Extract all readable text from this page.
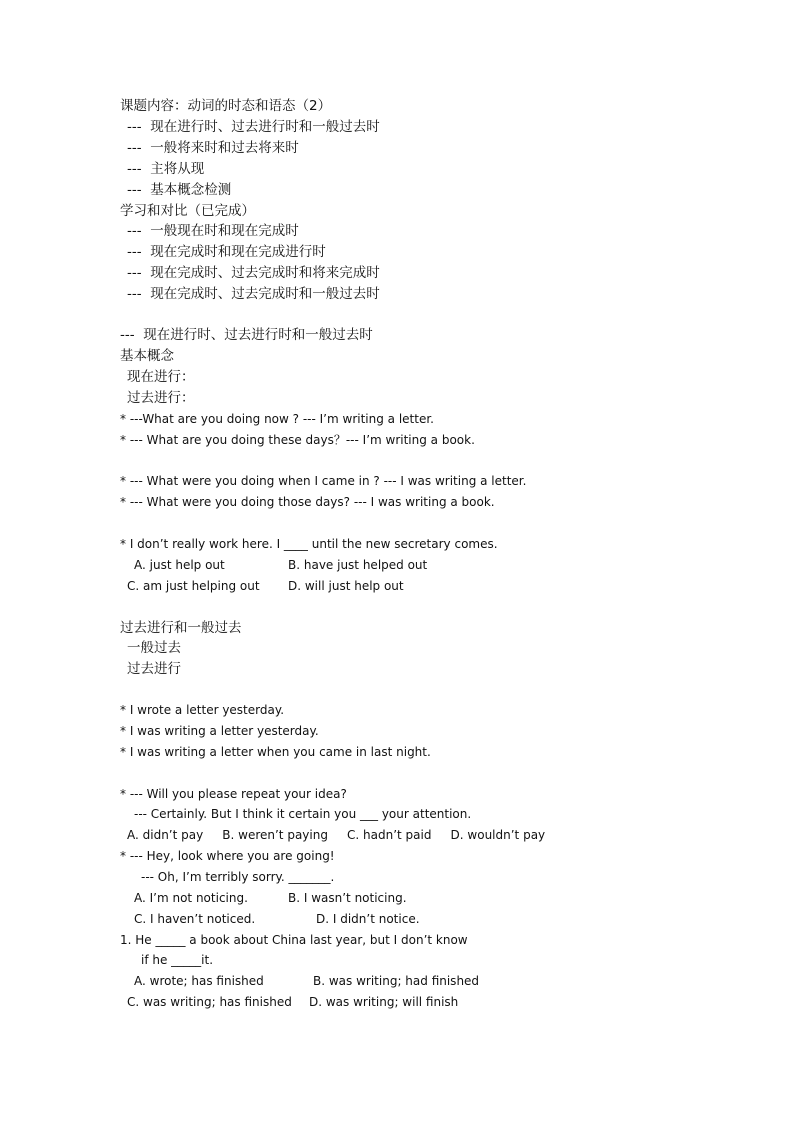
课题内容：动词的时态和语态（2）
---  现在进行时、过去进行时和一般过去时
---  一般将来时和过去将来时
---  主将从现
---  基本概念检测
学习和对比（已完成）
---  一般现在时和现在完成时
---  现在完成时和现在完成进行时
---  现在完成时、过去完成时和将来完成时
---  现在完成时、过去完成时和一般过去时
---  现在进行时、过去进行时和一般过去时
基本概念
现在进行：
过去进行：
* ---What are you doing now ? --- I’m writing a letter.
* --- What are you doing these days？--- I’m writing a book.
* --- What were you doing when I came in ? --- I was writing a letter.
* --- What were you doing those days? --- I was writing a book.
* I don’t really work here. I ____ until the new secretary comes.
A. just help out	B. have just helped out
C. am just helping out D. will just help out
过去进行和一般过去
一般过去
过去进行
* I wrote a letter yesterday.
* I was writing a letter yesterday.
* I was writing a letter when you came in last night.
* --- Will you please repeat your idea?
--- Certainly. But I think it certain you ___ your attention.
A. didn’t pay     B. weren’t paying     C. hadn’t paid     D. wouldn’t pay
* --- Hey, look where you are going!
--- Oh, I’m terribly sorry. _______.
A. I’m not noticing.	B. I wasn’t noticing.
C. I haven’t noticed.	D. I didn’t notice.
1. He _____ a book about China last year, but I don’t know
if he _____it.
A. wrote; has finished	B. was writing; had finished
C. was writing; has finished D. was writing; will finish
